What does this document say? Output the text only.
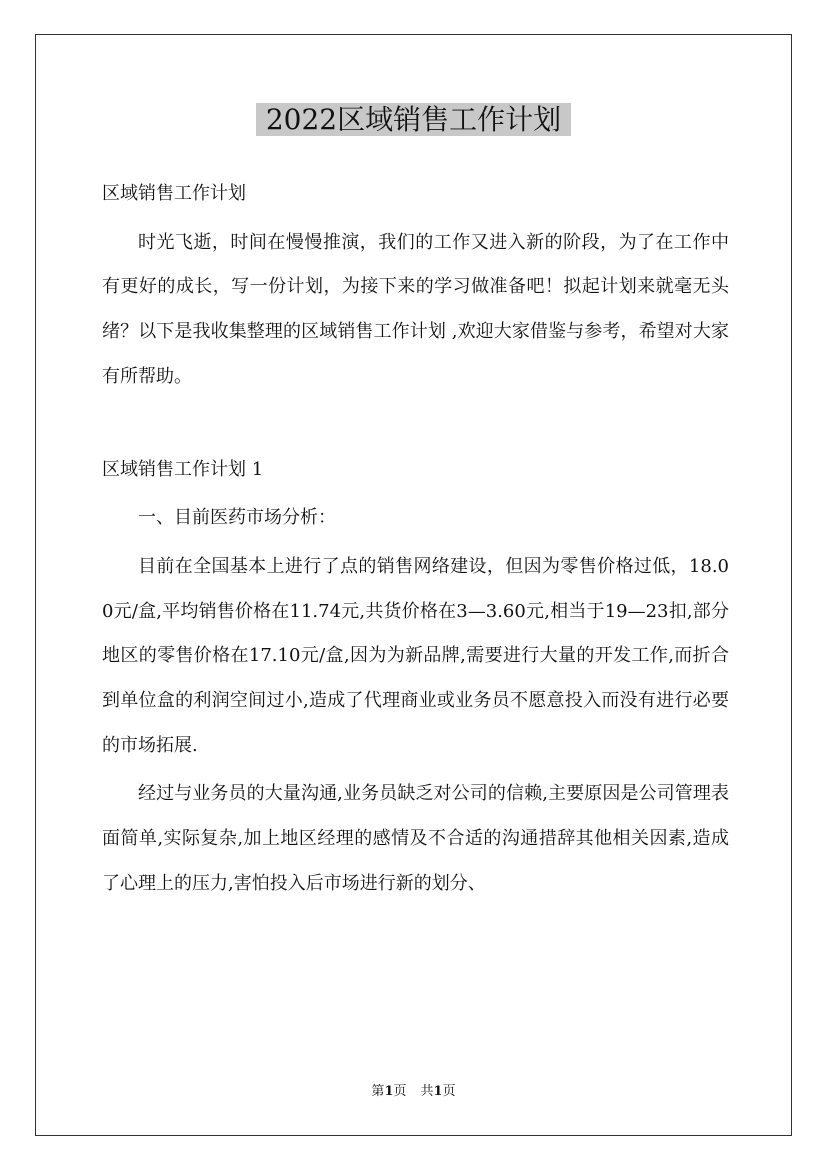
2022区域销售工作计划

区域销售工作计划

时光飞逝，时间在慢慢推演，我们的工作又进入新的阶段，为了在工作中有更好的成长，写一份计划，为接下来的学习做准备吧！拟起计划来就毫无头绪？以下是我收集整理的区域销售工作计划 ,欢迎大家借鉴与参考，希望对大家有所帮助。

区域销售工作计划 1

一、目前医药市场分析：

目前在全国基本上进行了点的销售网络建设，但因为零售价格过低，18.00元/盒,平均销售价格在11.74元,共货价格在3—3.60元,相当于19—23扣,部分地区的零售价格在17.10元/盒,因为为新品牌,需要进行大量的开发工作,而折合到单位盒的利润空间过小,造成了代理商业或业务员不愿意投入而没有进行必要的市场拓展.

经过与业务员的大量沟通,业务员缺乏对公司的信赖,主要原因是公司管理表面简单,实际复杂,加上地区经理的感情及不合适的沟通措辞其他相关因素,造成了心理上的压力,害怕投入后市场进行新的划分、

第1页 共1页
